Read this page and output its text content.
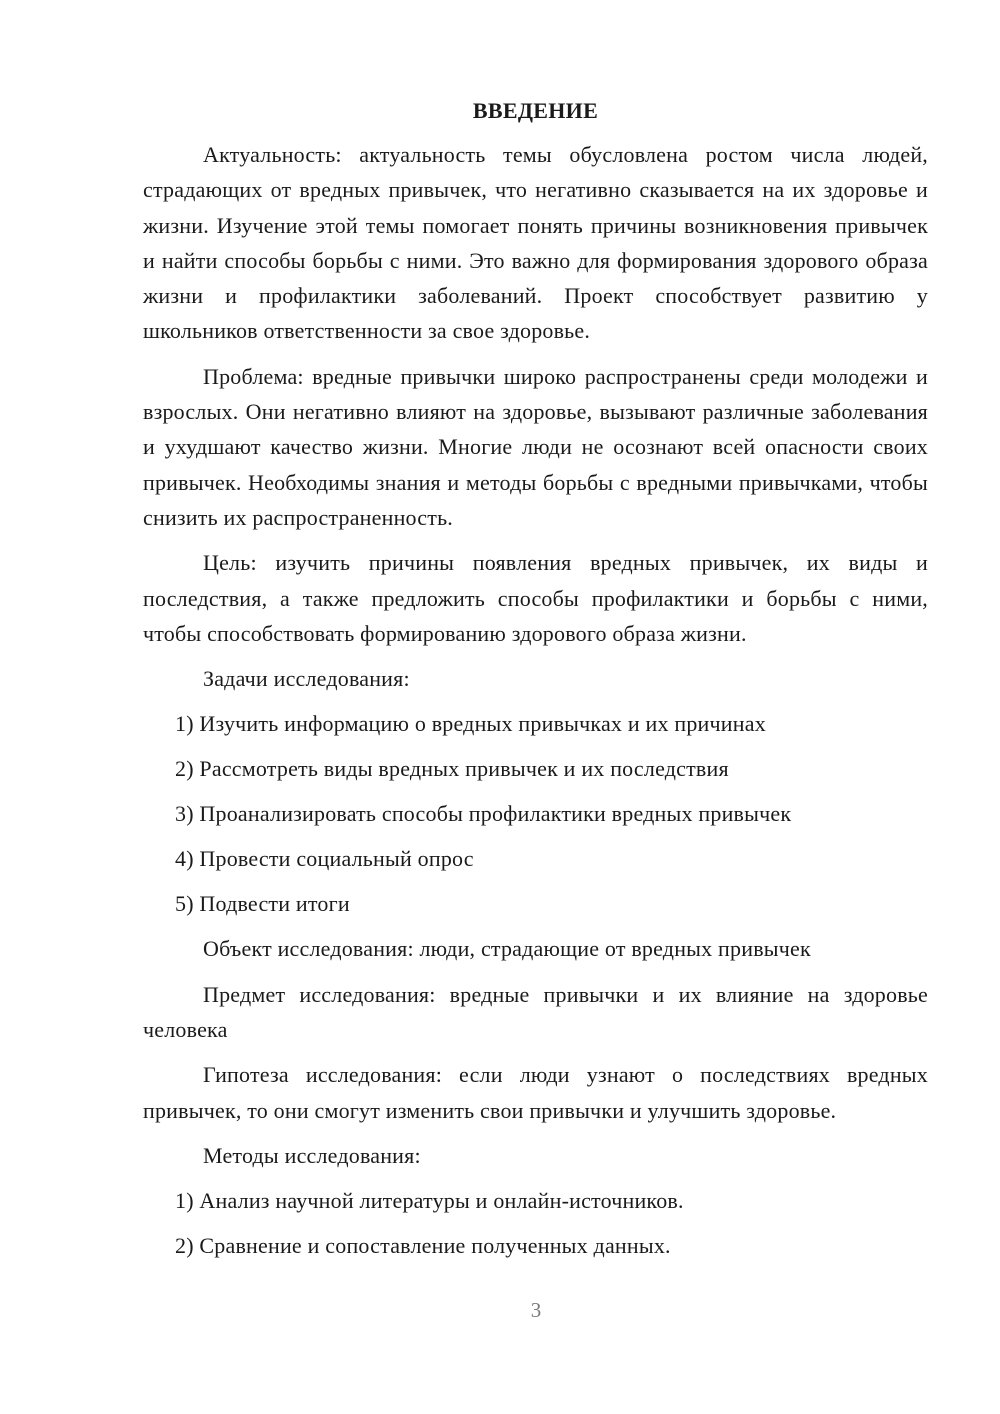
ВВЕДЕНИЕ

Актуальность: актуальность темы обусловлена ростом числа людей, страдающих от вредных привычек, что негативно сказывается на их здоровье и жизни. Изучение этой темы помогает понять причины возникновения привычек и найти способы борьбы с ними. Это важно для формирования здорового образа жизни и профилактики заболеваний. Проект способствует развитию у школьников ответственности за свое здоровье.

Проблема: вредные привычки широко распространены среди молодежи и взрослых. Они негативно влияют на здоровье, вызывают различные заболевания и ухудшают качество жизни. Многие люди не осознают всей опасности своих привычек. Необходимы знания и методы борьбы с вредными привычками, чтобы снизить их распространенность.

Цель: изучить причины появления вредных привычек, их виды и последствия, а также предложить способы профилактики и борьбы с ними, чтобы способствовать формированию здорового образа жизни.

Задачи исследования:

1) Изучить информацию о вредных привычках и их причинах
2) Рассмотреть виды вредных привычек и их последствия
3) Проанализировать способы профилактики вредных привычек
4) Провести социальный опрос
5) Подвести итоги

Объект исследования: люди, страдающие от вредных привычек

Предмет исследования: вредные привычки и их влияние на здоровье человека

Гипотеза исследования: если люди узнают о последствиях вредных привычек, то они смогут изменить свои привычки и улучшить здоровье.

Методы исследования:

1) Анализ научной литературы и онлайн-источников.
2) Сравнение и сопоставление полученных данных.
3
